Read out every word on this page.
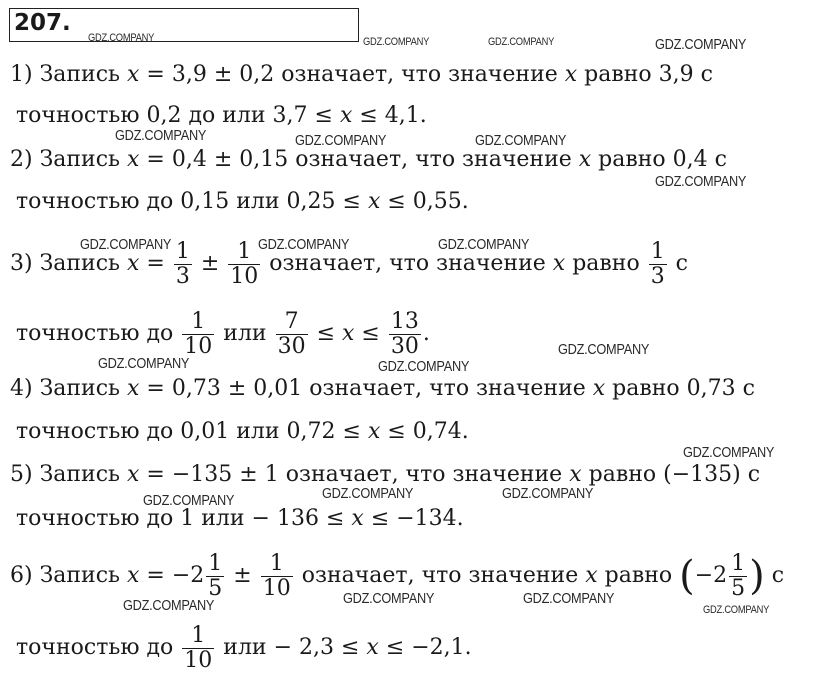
207.
1) Запись x = 3,9 ± 0,2 означает, что значение x равно 3,9 с
точностью 0,2 до или 3,7 ≤ x ≤ 4,1.
2) Запись x = 0,4 ± 0,15 означает, что значение x равно 0,4 с
точностью до 0,15 или 0,25 ≤ x ≤ 0,55.
3) Запись $x = \frac{1}{3} \pm \frac{1}{10}$ означает, что значение x равно $\frac{1}{3}$ с
точностью до $\frac{1}{10}$ или $\frac{7}{30} \le x \le \frac{13}{30}$ .
4) Запись x = 0,73 ± 0,01 означает, что значение x равно 0,73 с
точностью до 0,01 или 0,72 ≤ x ≤ 0,74.
5) Запись x = −135 ± 1 означает, что значение x равно (−135) с
точностью до 1 или − 136 ≤ x ≤ −134.
6) Запись $x = -2 \frac{1}{5} \pm \frac{1}{10}$ означает, что значение x равно ($-2 \frac{1}{5}$ ) с
точностью до $\frac{1}{10}$ или − 2,3 ≤ x ≤ −2,1.
GDZ.COMPANY	GDZ.COMPANY	GDZ.COMPANY	GDZ.COMPANY
GDZ.COMPANY	GDZ.COMPANY	GDZ.COMPANY
GDZ.COMPANY
GDZ.COMPANY	GDZ.COMPANY	GDZ.COMPANY
GDZ.COMPANY	GDZ.COMPANY
GDZ.COMPANY
GDZ.COMPANY
GDZ.COMPANY	GDZ.COMPANY	GDZ.COMPANY
GDZ.COMPANY	GDZ.COMPANY	GDZ.COMPANY
GDZ.COMPANY
